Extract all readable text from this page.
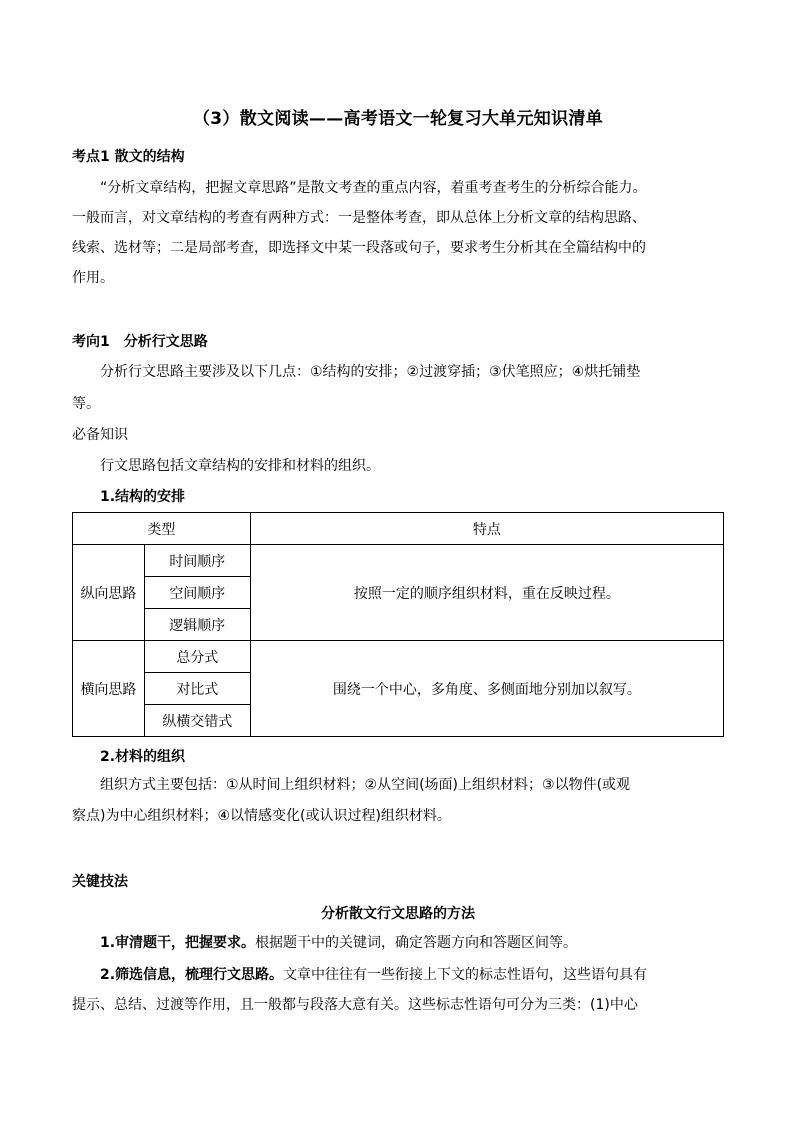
（3）散文阅读——高考语文一轮复习大单元知识清单
考点1 散文的结构
“分析文章结构，把握文章思路”是散文考查的重点内容，着重考查考生的分析综合能力。
一般而言，对文章结构的考查有两种方式：一是整体考查，即从总体上分析文章的结构思路、
线索、选材等；二是局部考查，即选择文中某一段落或句子，要求考生分析其在全篇结构中的
作用。
考向1　分析行文思路
分析行文思路主要涉及以下几点：①结构的安排；②过渡穿插；③伏笔照应；④烘托铺垫
等。
必备知识
行文思路包括文章结构的安排和材料的组织。
1.结构的安排
类型		特点
纵向思路	时间顺序	按照一定的顺序组织材料，重在反映过程。
	空间顺序	
	逻辑顺序	
横向思路	总分式	围绕一个中心，多角度、多侧面地分别加以叙写。
	对比式	
	纵横交错式	
2.材料的组织
组织方式主要包括：①从时间上组织材料；②从空间(场面)上组织材料；③以物件(或观
察点)为中心组织材料；④以情感变化(或认识过程)组织材料。
关键技法
分析散文行文思路的方法
1.审清题干，把握要求。根据题干中的关键词，确定答题方向和答题区间等。
2.筛选信息，梳理行文思路。文章中往往有一些衔接上下文的标志性语句，这些语句具有
提示、总结、过渡等作用，且一般都与段落大意有关。这些标志性语句可分为三类：(1)中心
